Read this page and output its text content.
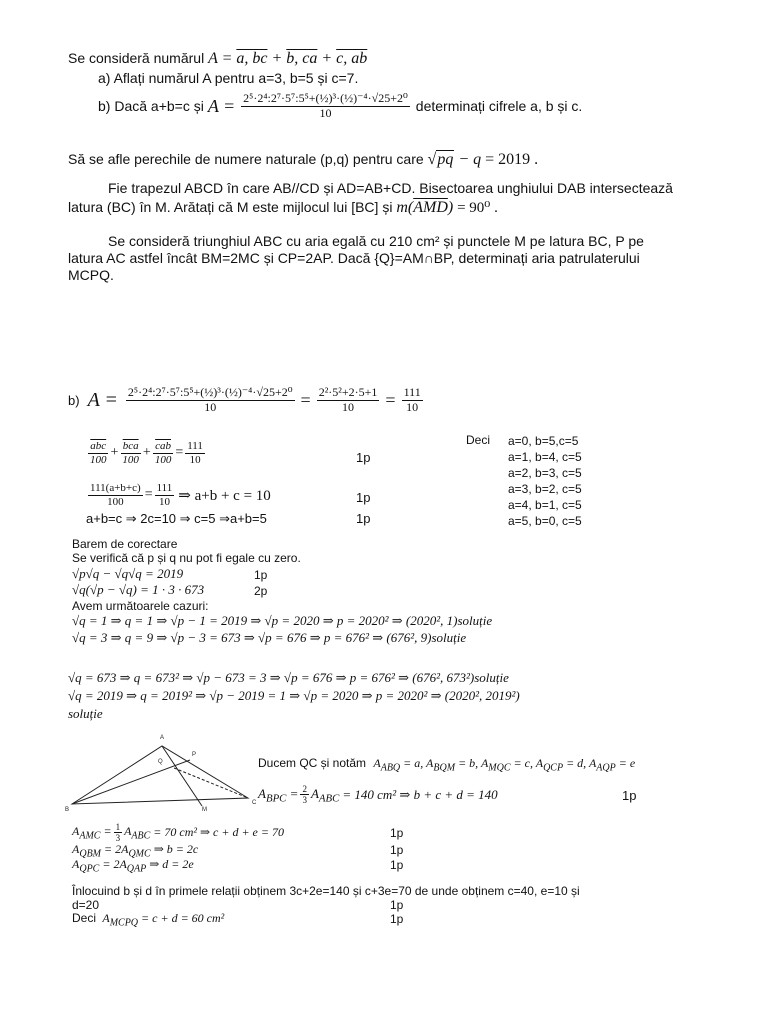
Se consideră numărul A = a, bc + b, ca + c, ab
a) Aflați numărul A pentru a=3, b=5 și c=7.
b) Dacă a+b=c și $A = \frac{\text{2⁵·2⁴:2⁷·5⁷:5⁵+(½)³·(½)⁻⁴·√25+2⁰}}{10}$ determinați cifrele a, b și c.
Să se afle perechile de numere naturale (p,q) pentru care √ pq − q = 2019 .
Fie trapezul ABCD în care AB//CD și AD=AB+CD. Bisectoarea unghiului DAB intersectează
latura (BC) în M. Arătați că M este mijlocul lui [BC] și $m(\overline{AMD}) = 90^0$ .
Se consideră triunghiul ABC cu aria egală cu 210 cm² și punctele M pe latura BC, P pe
latura AC astfel încât BM=2MC și CP=2AP. Dacă {Q}=AM∩BP, determinați aria patrulaterului
MCPQ.
b) $A = \frac{\text{2⁵·2⁴:2⁷·5⁷:5⁵+(½)³·(½)⁻⁴·√25+2⁰}}{10} = \frac{\text{2²·5²+2·5+1}}{10} = \frac{111}{10}$
Deci a=0, b=5,c=5
a=1, b=4, c=5
a=2, b=3, c=5
a=3, b=2, c=5
a=4, b=1, c=5
a=5, b=0, c=5
$\frac{\overline{abc}}{100} + \frac{\overline{bca}}{100} + \frac{\overline{cab}}{100} = \frac{111}{10}$	1p
$\frac{111(a+b+c)}{100} = \frac{111}{10}$ ⇒ a+b + c = 10	1p
a+b=c ⇒ 2c=10 ⇒ c=5 ⇒a+b=5	1p
Barem de corectare
Se verifică că p și q nu pot fi egale cu zero.
√p√q − √q√q = 2019	1p
√q(√p − √q) = 1 · 3 · 673	2p
Avem următoarele cazuri:
√q = 1 ⇒ q = 1 ⇒ √p − 1 = 2019 ⇒ √p = 2020 ⇒ p = 2020² ⇒ (2020², 1)soluție
√q = 3 ⇒ q = 9 ⇒ √p − 3 = 673 ⇒ √p = 676 ⇒ p = 676² ⇒ (676², 9)soluție
√q = 673 ⇒ q = 673² ⇒ √p − 673 = 3 ⇒ √p = 676 ⇒ p = 676² ⇒ (676², 673²)soluție
√q = 2019 ⇒ q = 2019² ⇒ √p − 2019 = 1 ⇒ √p = 2020 ⇒ p = 2020² ⇒ (2020², 2019²)
soluție
A
B
C
P
Q
M
Ducem QC și notăm $A_{ABQ} = a$, $A_{BQM} = b$, $A_{MQC} = c$, $A_{QCP} = d$, $A_{AQP} = e$
$A_{BPC} = \frac{2}{3} A_{ABC} = 140$ cm² ⇒ b + c + d = 140	1p
$A_{AMC} = \frac{1}{3} A_{ABC} = 70$ cm² ⇒ c + d + e = 70	1p
$A_{QBM} = 2A_{QMC}$ ⇒ b = 2c	1p
$A_{QPC} = 2A_{QAP}$ ⇒ d = 2e	1p
Înlocuind b și d în primele relații obținem 3c+2e=140 și c+3e=70 de unde obținem c=40, e=10 și
d=20	1p
Deci $A_{MCPQ} = c + d = 60$ cm²	1p
